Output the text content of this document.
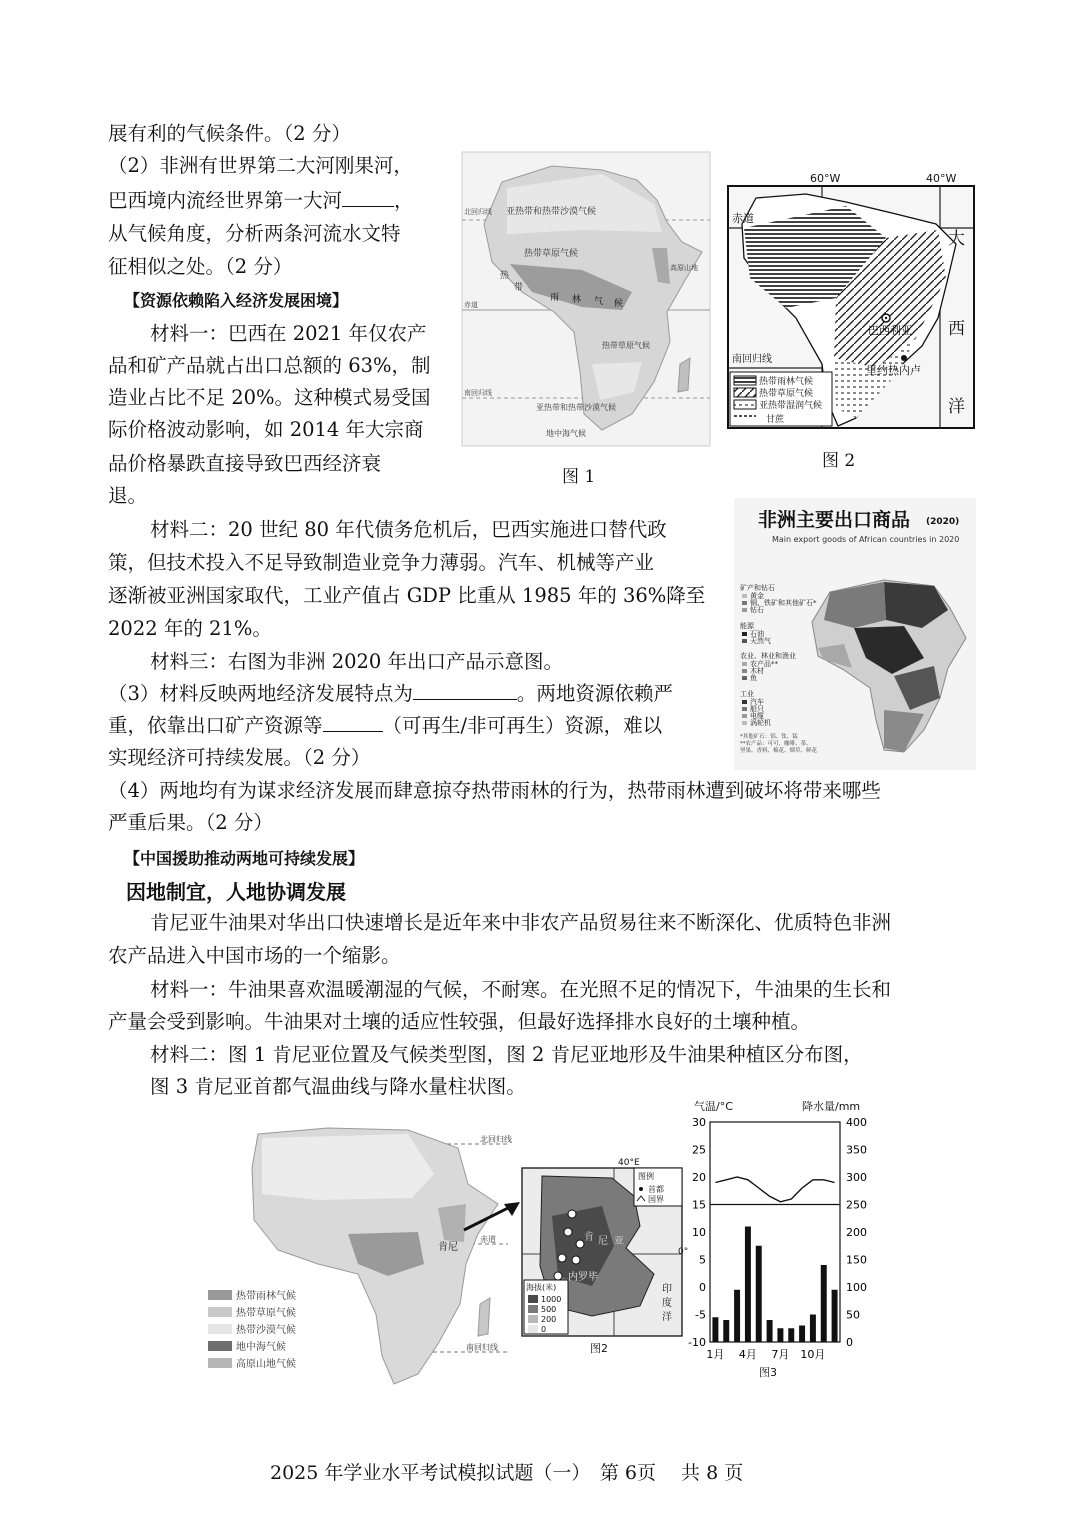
展有利的气候条件。（2 分）
（2）非洲有世界第二大河刚果河，
巴西境内流经世界第一大河	，
从气候角度，分析两条河流水文特
征相似之处。（2 分）
【资源依赖陷入经济发展困境】
材料一：巴西在 2021 年仅农产
品和矿产品就占出口总额的 63%，制
造业占比不足 20%。这种模式易受国
际价格波动影响，如 2014 年大宗商
品价格暴跌直接导致巴西经济衰
退。
北回归线
赤道
南回归线
亚热带和热带沙漠气候
热带草原气候
热
带
雨 林 气 候
热带草原气候
亚热带和热带沙漠气候
地中海气候
高原山地
图 1
60°W	40°W
赤道
南回归线
巴西利亚
里约热内卢
大
西
洋
热带雨林气候
热带草原气候
亚热带湿润气候
甘蔗
图 2
材料二：20 世纪 80 年代债务危机后，巴西实施进口替代政
策，但技术投入不足导致制造业竞争力薄弱。汽车、机械等产业
逐渐被亚洲国家取代，工业产值占 GDP 比重从 1985 年的 36%降至
2022 年的 21%。
材料三：右图为非洲 2020 年出口产品示意图。
非洲主要出口商品 (2020)
Main export goods of African countries in 2020
矿产和钻石
黄金
铜、铁矿和其他矿石*
钻石
能源
石油
天然气
农业、林业和渔业
农产品**
木材
鱼
工业
汽车
船只
电缆
涡轮机
*其他矿石：铝、钛、锰
**农产品：可可、咖啡、茶、
坚果、香料、棉花、烟草、鲜花
（3）材料反映两地经济发展特点为	。两地资源依赖严
重，依靠出口矿产资源等	（可再生/非可再生）资源，难以
实现经济可持续发展。（2 分）
（4）两地均有为谋求经济发展而肆意掠夺热带雨林的行为，热带雨林遭到破坏将带来哪些
严重后果。（2 分）
【中国援助推动两地可持续发展】
因地制宜，人地协调发展
肯尼亚牛油果对华出口快速增长是近年来中非农产品贸易往来不断深化、优质特色非洲
农产品进入中国市场的一个缩影。
材料一：牛油果喜欢温暖潮湿的气候，不耐寒。在光照不足的情况下，牛油果的生长和
产量会受到影响。牛油果对土壤的适应性较强，但最好选择排水良好的土壤种植。
材料二：图 1 肯尼亚位置及气候类型图，图 2 肯尼亚地形及牛油果种植区分布图，
图 3 肯尼亚首都气温曲线与降水量柱状图。
北回归线
赤道
南回归线
肯尼
热带雨林气候
热带草原气候
热带沙漠气候
地中海气候
高原山地气候
图例
首都
国界
40°E
0°
肯 尼 亚
内罗毕
印
度
洋
海拔(米)
1000
500
200
0
图2
气温/°C	降水量/mm
30
25
20
15
10
5
0
-5
-10
400
350
300
250
200
150
100
50
0
1月 4月 7月 10月
图3
2025 年学业水平考试模拟试题（一）　第 6页　 共 8 页
